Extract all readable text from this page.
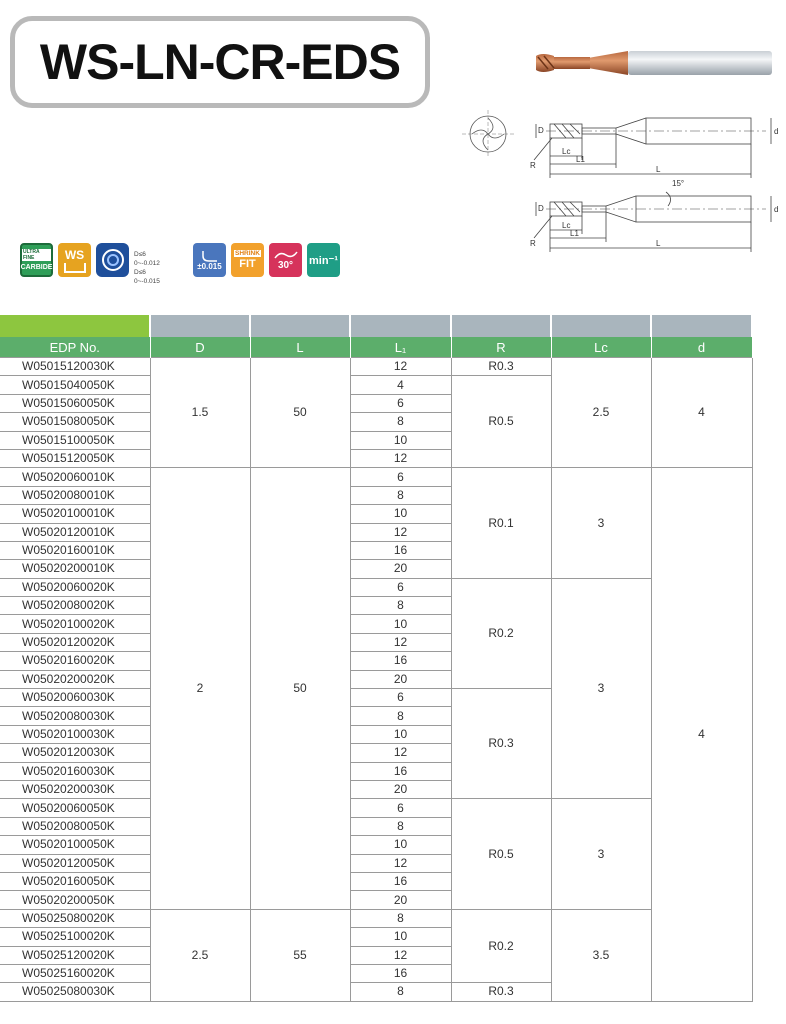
WS-LN-CR-EDS
D
Lc
L1
L
R
d
15°
D
Lc
L1
L
R
d
ULTRA FINE
CARBIDE
WS	D≤6 0~-0.012
D≤6 0~-0.015
±0.015
SHRINK
FIT 30° min⁻¹

EDP No.	D	L	L₁	R	Lc	d
W05015120030K	1.5	50	12	R0.3	2.5	4
W05015040050K			4	R0.5		
W05015060050K			6			
W05015080050K			8			
W05015100050K			10			
W05015120050K			12			
W05020060010K	2	50	6	R0.1	3	4
W05020080010K			8			
W05020100010K			10			
W05020120010K			12			
W05020160010K			16			
W05020200010K			20			
W05020060020K			6	R0.2	3	
W05020080020K			8			
W05020100020K			10			
W05020120020K			12			
W05020160020K			16			
W05020200020K			20			
W05020060030K			6	R0.3		
W05020080030K			8			
W05020100030K			10			
W05020120030K			12			
W05020160030K			16			
W05020200030K			20			
W05020060050K			6	R0.5	3	
W05020080050K			8			
W05020100050K			10			
W05020120050K			12			
W05020160050K			16			
W05020200050K			20			
W05025080020K	2.5	55	8	R0.2	3.5	
W05025100020K			10			
W05025120020K			12			
W05025160020K			16			
W05025080030K			8	R0.3		
